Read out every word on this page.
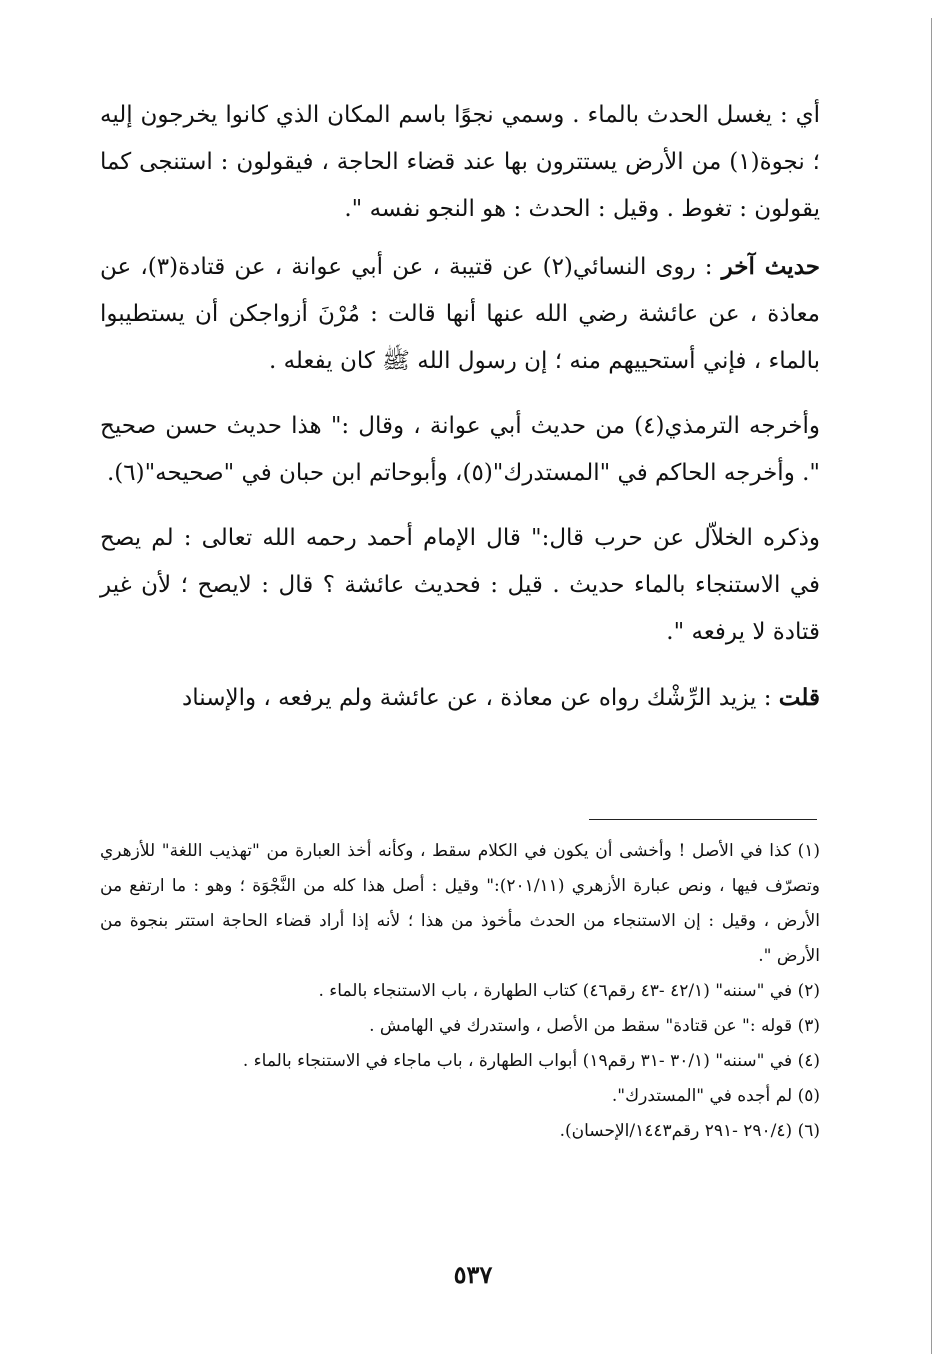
أي : يغسل الحدث بالماء . وسمي نجوًا باسم المكان الذي كانوا يخرجون إليه ؛ نجوة(١) من الأرض يستترون بها عند قضاء الحاجة ، فيقولون : استنجى كما يقولون : تغوط . وقيل : الحدث : هو النجو نفسه ".

حديث آخر : روى النسائي(٢) عن قتيبة ، عن أبي عوانة ، عن قتادة(٣)، عن معاذة ، عن عائشة رضي الله عنها أنها قالت : مُرْنَ أزواجكن أن يستطيبوا بالماء ، فإني أستحييهم منه ؛ إن رسول الله ﷺ كان يفعله .

وأخرجه الترمذي(٤) من حديث أبي عوانة ، وقال :" هذا حديث حسن صحيح ". وأخرجه الحاكم في "المستدرك"(٥)، وأبوحاتم ابن حبان في "صحيحه"(٦).

وذكره الخلاّل عن حرب قال:" قال الإمام أحمد رحمه الله تعالى : لم يصح في الاستنجاء بالماء حديث . قيل : فحديث عائشة ؟ قال : لايصح ؛ لأن غير قتادة لا يرفعه ".

قلت : يزيد الرِّشْك رواه عن معاذة ، عن عائشة ولم يرفعه ، والإسناد

(١) كذا في الأصل ! وأخشى أن يكون في الكلام سقط ، وكأنه أخذ العبارة من "تهذيب اللغة" للأزهري وتصرّف فيها ، ونص عبارة الأزهري (٢٠١/١١):" وقيل : أصل هذا كله من النَّجْوَة ؛ وهو : ما ارتفع من الأرض ، وقيل : إن الاستنجاء من الحدث مأخوذ من هذا ؛ لأنه إذا أراد قضاء الحاجة استتر بنجوة من الأرض ".

(٢) في "سننه" (٤٢/١ -٤٣ رقم٤٦) كتاب الطهارة ، باب الاستنجاء بالماء .

(٣) قوله :" عن قتادة" سقط من الأصل ، واستدرك في الهامش .

(٤) في "سننه" (٣٠/١ -٣١ رقم١٩) أبواب الطهارة ، باب ماجاء في الاستنجاء بالماء .

(٥) لم أجده في "المستدرك".

(٦) (٢٩٠/٤ -٢٩١ رقم١٤٤٣/الإحسان).

٥٣٧
